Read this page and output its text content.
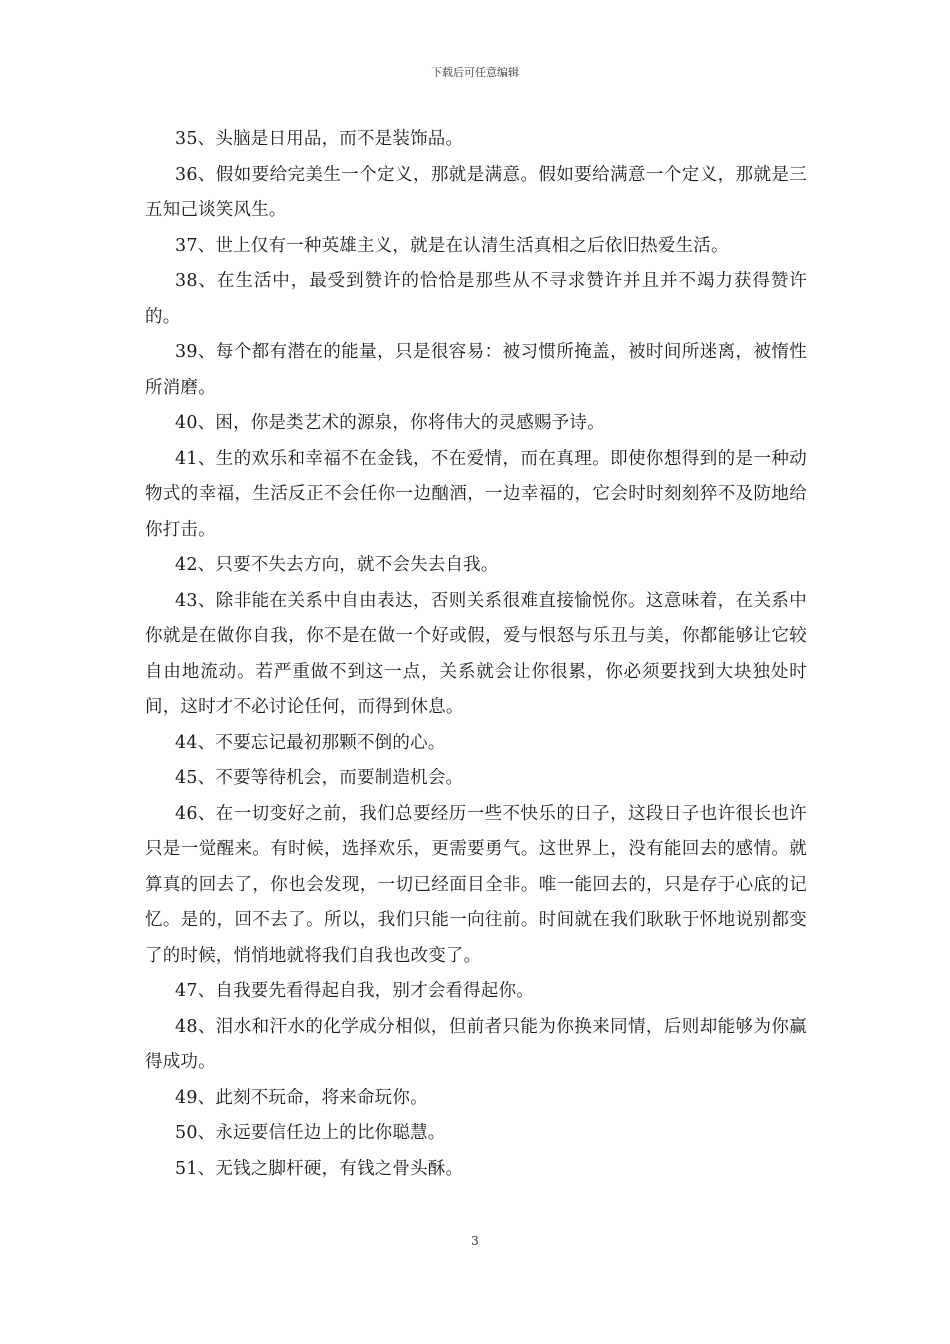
下载后可任意编辑

35、头脑是日用品，而不是装饰品。

36、假如要给完美生一个定义，那就是满意。假如要给满意一个定义，那就是三五知己谈笑风生。

37、世上仅有一种英雄主义，就是在认清生活真相之后依旧热爱生活。

38、在生活中，最受到赞许的恰恰是那些从不寻求赞许并且并不竭力获得赞许的。

39、每个都有潜在的能量，只是很容易：被习惯所掩盖，被时间所迷离，被惰性所消磨。

40、困，你是类艺术的源泉，你将伟大的灵感赐予诗。

41、生的欢乐和幸福不在金钱，不在爱情，而在真理。即使你想得到的是一种动物式的幸福，生活反正不会任你一边酗酒，一边幸福的，它会时时刻刻猝不及防地给你打击。

42、只要不失去方向，就不会失去自我。

43、除非能在关系中自由表达，否则关系很难直接愉悦你。这意味着，在关系中你就是在做你自我，你不是在做一个好或假，爱与恨怒与乐丑与美，你都能够让它较自由地流动。若严重做不到这一点，关系就会让你很累，你必须要找到大块独处时间，这时才不必讨论任何，而得到休息。

44、不要忘记最初那颗不倒的心。

45、不要等待机会，而要制造机会。

46、在一切变好之前，我们总要经历一些不快乐的日子，这段日子也许很长也许只是一觉醒来。有时候，选择欢乐，更需要勇气。这世界上，没有能回去的感情。就算真的回去了，你也会发现，一切已经面目全非。唯一能回去的，只是存于心底的记忆。是的，回不去了。所以，我们只能一向往前。时间就在我们耿耿于怀地说别都变了的时候，悄悄地就将我们自我也改变了。

47、自我要先看得起自我，别才会看得起你。

48、泪水和汗水的化学成分相似，但前者只能为你换来同情，后则却能够为你赢得成功。

49、此刻不玩命，将来命玩你。

50、永远要信任边上的比你聪慧。

51、无钱之脚杆硬，有钱之骨头酥。

3
